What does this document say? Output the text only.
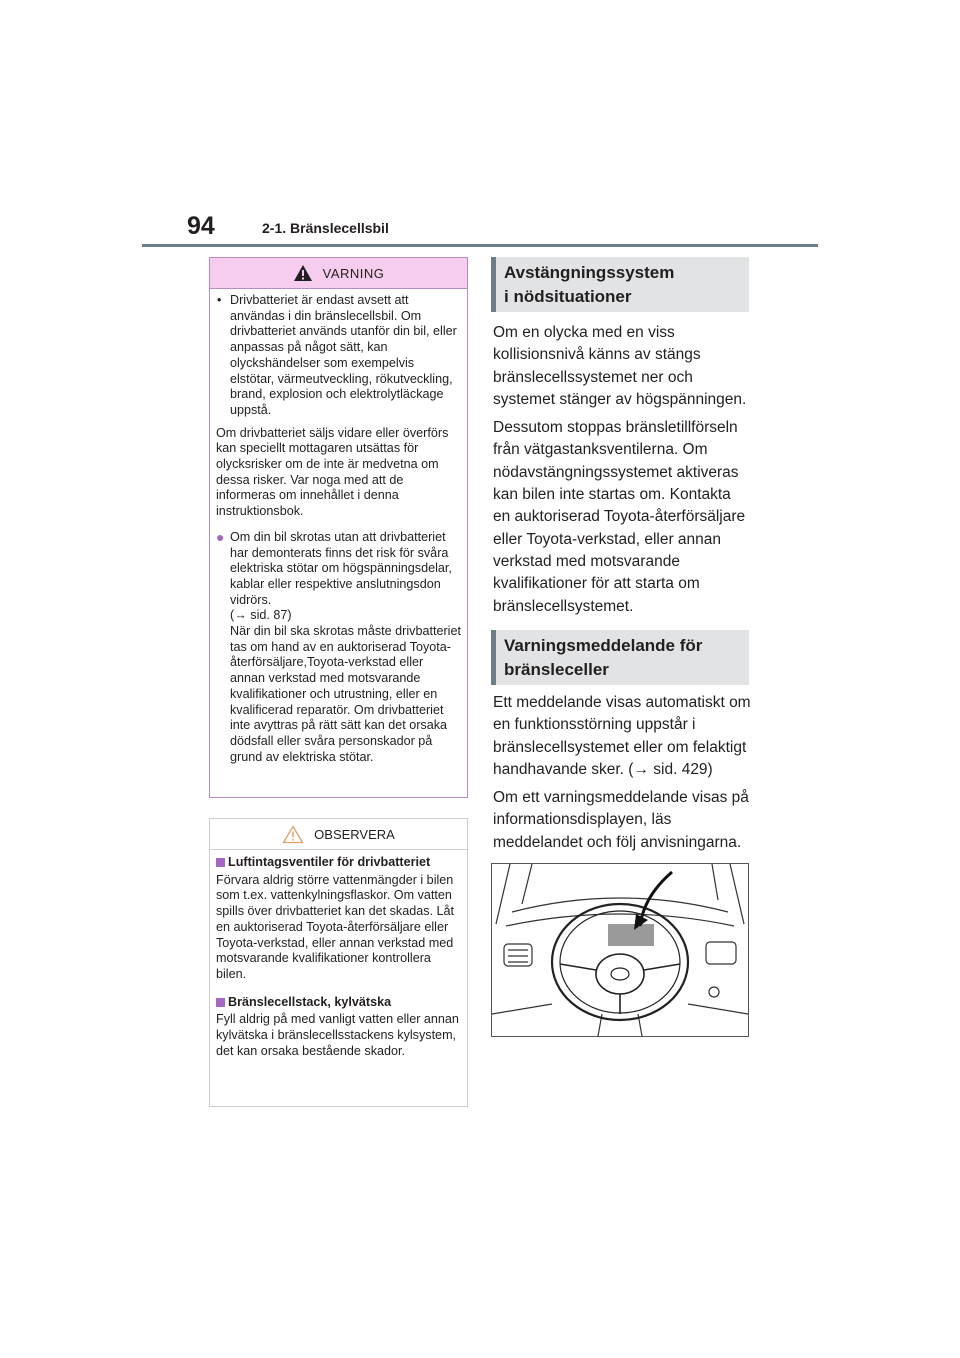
94	2-1. Bränslecellsbil
VARNING
• Drivbatteriet är endast avsett att användas i din bränslecellsbil. Om drivbatteriet används utanför din bil, eller anpassas på något sätt, kan olyckshändelser som exempelvis elstötar, värmeutveckling, rökutveckling, brand, explosion och elektrolytläckage uppstå.
Om drivbatteriet säljs vidare eller överförs kan speciellt mottagaren utsättas för olycksrisker om de inte är medvetna om dessa risker. Var noga med att de informeras om innehållet i denna instruktionsbok.
● Om din bil skrotas utan att drivbatteriet har demonterats finns det risk för svåra elektriska stötar om högspänningsdelar, kablar eller respektive anslutningsdon vidrörs.
(→ sid. 87)
När din bil ska skrotas måste drivbatteriet tas om hand av en auktoriserad Toyota-återförsäljare,Toyota-verkstad eller annan verkstad med motsvarande kvalifikationer och utrustning, eller en kvalificerad reparatör. Om drivbatteriet inte avyttras på rätt sätt kan det orsaka dödsfall eller svåra personskador på grund av elektriska stötar.
OBSERVERA
Luftintagsventiler för drivbatteriet
Förvara aldrig större vattenmängder i bilen som t.ex. vattenkylningsflaskor. Om vatten spills över drivbatteriet kan det skadas. Låt en auktoriserad Toyota-återförsäljare eller Toyota-verkstad, eller annan verkstad med motsvarande kvalifikationer kontrollera bilen.
Bränslecellstack, kylvätska
Fyll aldrig på med vanligt vatten eller annan kylvätska i bränslecellsstackens kylsystem, det kan orsaka bestående skador.
Avstängningssystem
i nödsituationer

Om en olycka med en viss kollisionsnivå känns av stängs bränslecellssystemet ner och systemet stänger av högspänningen.

Dessutom stoppas bränsletillförseln från vätgastanksventilerna. Om nödavstängningssystemet aktiveras kan bilen inte startas om. Kontakta en auktoriserad Toyota-återförsäljare eller Toyota-verkstad, eller annan verkstad med motsvarande kvalifikationer för att starta om bränslecellsystemet.

Varningsmeddelande för
bränsleceller

Ett meddelande visas automatiskt om en funktionsstörning uppstår i bränslecellsystemet eller om felaktigt handhavande sker. (→ sid. 429)

Om ett varningsmeddelande visas på informationsdisplayen, läs meddelandet och följ anvisningarna.
